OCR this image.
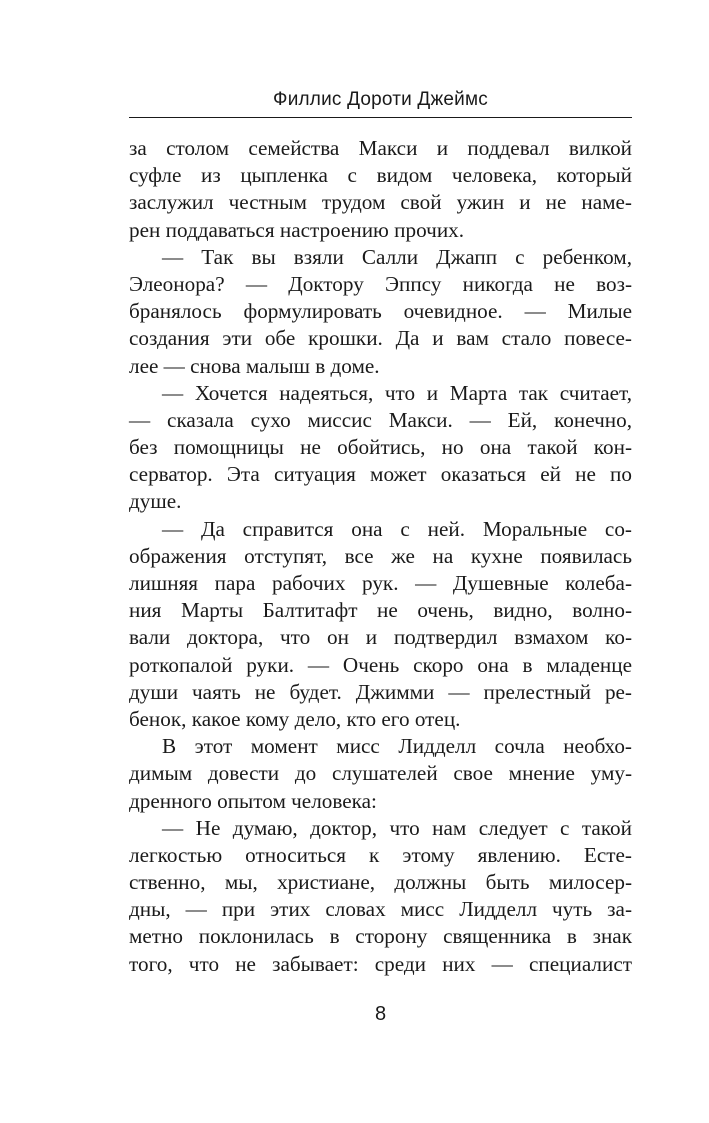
Филлис Дороти Джеймс
за столом семейства Макси и поддевал вилкой
суфле из цыпленка с видом человека, который
заслужил честным трудом свой ужин и не наме-
рен поддаваться настроению прочих.
— Так вы взяли Салли Джапп с ребенком,
Элеонора? — Доктору Эппсу никогда не воз-
бранялось формулировать очевидное. — Милые
создания эти обе крошки. Да и вам стало повесе-
лее — снова малыш в доме.
— Хочется надеяться, что и Марта так считает,
— сказала сухо миссис Макси. — Ей, конечно,
без помощницы не обойтись, но она такой кон-
серватор. Эта ситуация может оказаться ей не по
душе.
— Да справится она с ней. Моральные со-
ображения отступят, все же на кухне появилась
лишняя пара рабочих рук. — Душевные колеба-
ния Марты Балтитафт не очень, видно, волно-
вали доктора, что он и подтвердил взмахом ко-
роткопалой руки. — Очень скоро она в младенце
души чаять не будет. Джимми — прелестный ре-
бенок, какое кому дело, кто его отец.
В этот момент мисс Лидделл сочла необхо-
димым довести до слушателей свое мнение уму-
дренного опытом человека:
— Не думаю, доктор, что нам следует с такой
легкостью относиться к этому явлению. Есте-
ственно, мы, христиане, должны быть милосер-
дны, — при этих словах мисс Лидделл чуть за-
метно поклонилась в сторону священника в знак
того, что не забывает: среди них — специалист
8
